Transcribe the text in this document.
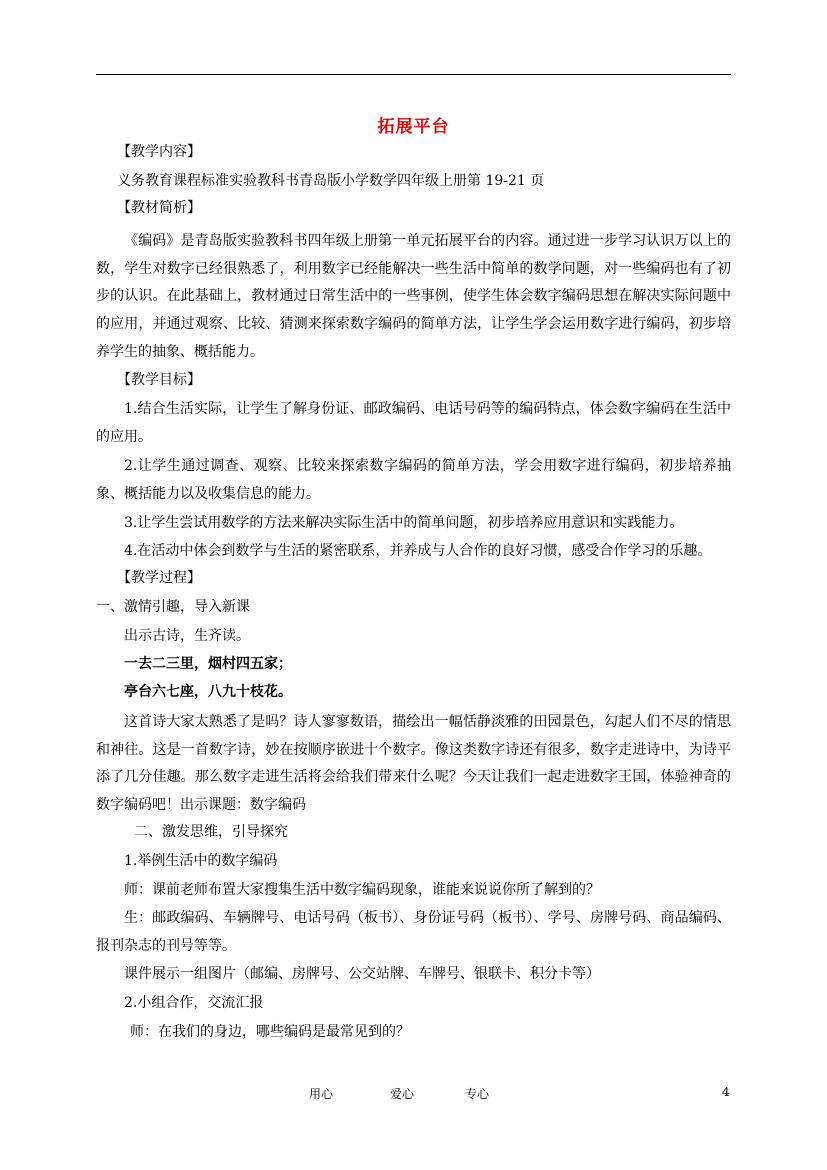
拓展平台
【教学内容】
义务教育课程标准实验教科书青岛版小学数学四年级上册第 19-21 页
【教材简析】
《编码》是青岛版实验教科书四年级上册第一单元拓展平台的内容。通过进一步学习认识万以上的数，学生对数字已经很熟悉了，利用数字已经能解决一些生活中简单的数学问题，对一些编码也有了初步的认识。在此基础上，教材通过日常生活中的一些事例，使学生体会数字编码思想在解决实际问题中的应用，并通过观察、比较、猜测来探索数字编码的简单方法，让学生学会运用数字进行编码，初步培养学生的抽象、概括能力。
【教学目标】
1.结合生活实际，让学生了解身份证、邮政编码、电话号码等的编码特点，体会数字编码在生活中的应用。
2.让学生通过调查、观察、比较来探索数字编码的简单方法，学会用数字进行编码，初步培养抽象、概括能力以及收集信息的能力。
3.让学生尝试用数学的方法来解决实际生活中的简单问题，初步培养应用意识和实践能力。
4.在活动中体会到数学与生活的紧密联系，并养成与人合作的良好习惯，感受合作学习的乐趣。
【教学过程】
一、激情引趣，导入新课
出示古诗，生齐读。
一去二三里，烟村四五家；
亭台六七座，八九十枝花。
这首诗大家太熟悉了是吗？诗人寥寥数语，描绘出一幅恬静淡雅的田园景色，勾起人们不尽的情思和神往。这是一首数字诗，妙在按顺序嵌进十个数字。像这类数字诗还有很多，数字走进诗中，为诗平添了几分佳趣。那么数字走进生活将会给我们带来什么呢？今天让我们一起走进数字王国，体验神奇的数字编码吧！出示课题：数字编码
二、激发思维，引导探究
1.举例生活中的数字编码
师：课前老师布置大家搜集生活中数字编码现象，谁能来说说你所了解到的？
生：邮政编码、车辆牌号、电话号码（板书）、身份证号码（板书）、学号、房牌号码、商品编码、报刊杂志的刊号等等。
课件展示一组图片（邮编、房牌号、公交站牌、车牌号、银联卡、积分卡等）
2.小组合作，交流汇报
师：在我们的身边，哪些编码是最常见到的？
用心	爱心	专心	4
